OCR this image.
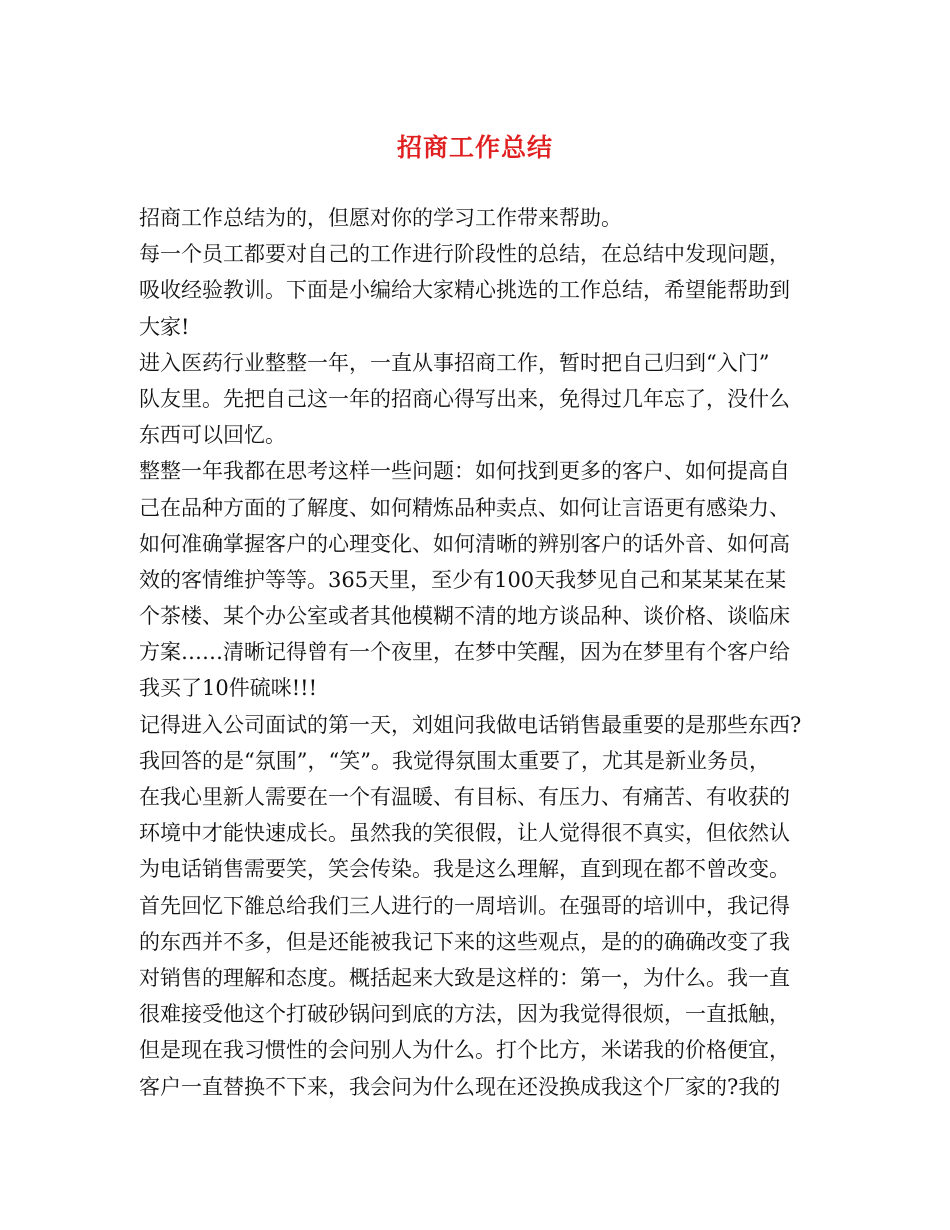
招商工作总结
招商工作总结为的，但愿对你的学习工作带来帮助。
每一个员工都要对自己的工作进行阶段性的总结，在总结中发现问题，
吸收经验教训。下面是小编给大家精心挑选的工作总结，希望能帮助到
大家!
进入医药行业整整一年，一直从事招商工作，暂时把自己归到“入门”
队友里。先把自己这一年的招商心得写出来，免得过几年忘了，没什么
东西可以回忆。
整整一年我都在思考这样一些问题：如何找到更多的客户、如何提高自
己在品种方面的了解度、如何精炼品种卖点、如何让言语更有感染力、
如何准确掌握客户的心理变化、如何清晰的辨别客户的话外音、如何高
效的客情维护等等。365天里，至少有100天我梦见自己和某某某在某
个茶楼、某个办公室或者其他模糊不清的地方谈品种、谈价格、谈临床
方案……清晰记得曾有一个夜里，在梦中笑醒，因为在梦里有个客户给
我买了10件硫咪!!!
记得进入公司面试的第一天，刘姐问我做电话销售最重要的是那些东西?
我回答的是“氛围”，“笑”。我觉得氛围太重要了，尤其是新业务员，
在我心里新人需要在一个有温暖、有目标、有压力、有痛苦、有收获的
环境中才能快速成长。虽然我的笑很假，让人觉得很不真实，但依然认
为电话销售需要笑，笑会传染。我是这么理解，直到现在都不曾改变。
首先回忆下雒总给我们三人进行的一周培训。在强哥的培训中，我记得
的东西并不多，但是还能被我记下来的这些观点，是的的确确改变了我
对销售的理解和态度。概括起来大致是这样的：第一，为什么。我一直
很难接受他这个打破砂锅问到底的方法，因为我觉得很烦，一直抵触，
但是现在我习惯性的会问别人为什么。打个比方，米诺我的价格便宜，
客户一直替换不下来，我会问为什么现在还没换成我这个厂家的?我的
